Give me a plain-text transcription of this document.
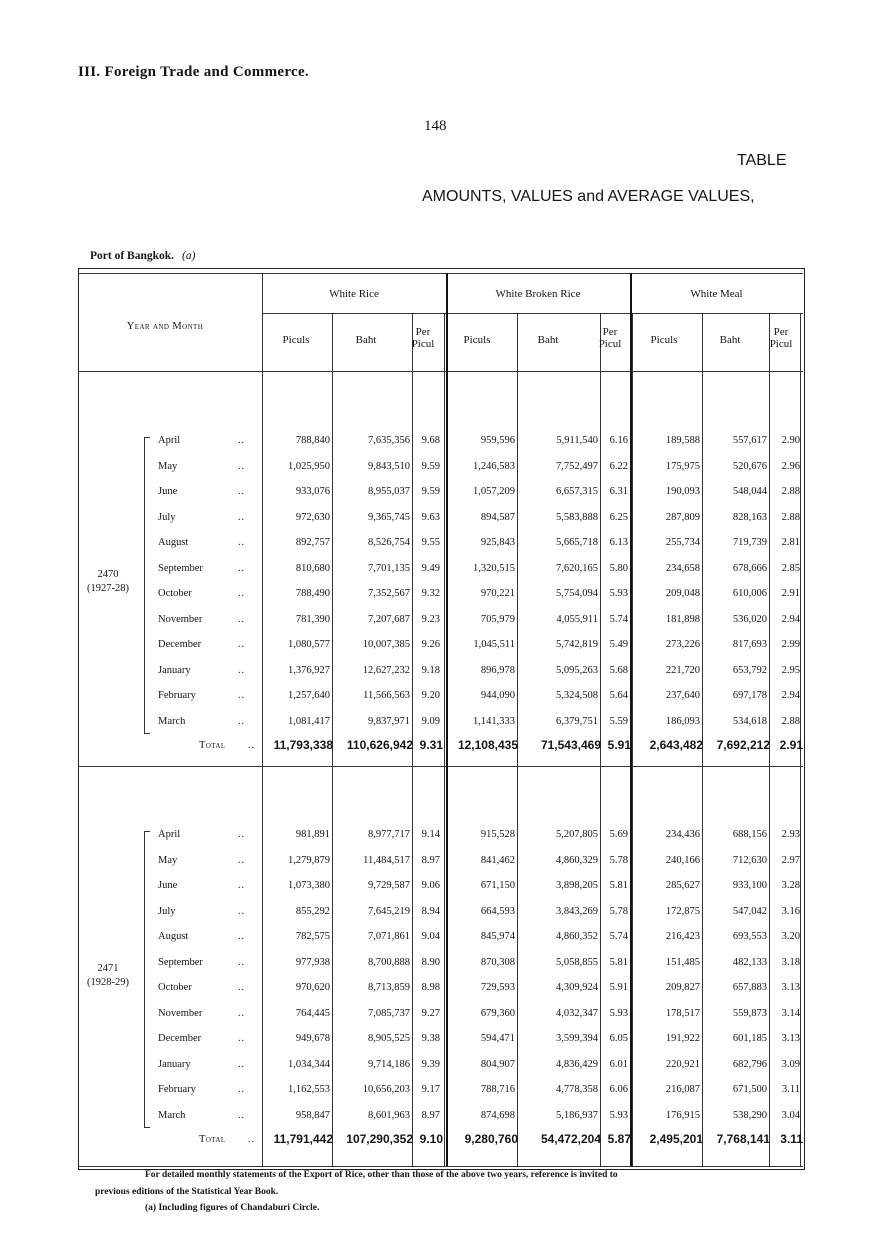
III. Foreign Trade and Commerce.
148
TABLE
AMOUNTS, VALUES and AVERAGE VALUES,
Port of Bangkok. (a)
Year and Month
White Rice	White Broken Rice	White Meal
Piculs	Baht
Per Picul	Piculs	Baht
Per Picul	Piculs	Baht
Per Picul
2470
(1927-28)
April	..	788,840	7,635,356	9.68	959,596	5,911,540	6.16	189,588	557,617	2.90
May	..	1,025,950	9,843,510	9.59	1,246,583	7,752,497	6.22	175,975	520,676	2.96
June	..	933,076	8,955,037	9.59	1,057,209	6,657,315	6.31	190,093	548,044	2.88
July	..	972,630	9,365,745	9.63	894,587	5,583,888	6.25	287,809	828,163	2.88
August	..	892,757	8,526,754	9.55	925,843	5,665,718	6.13	255,734	719,739	2.81
September	..	810,680	7,701,135	9.49	1,320,515	7,620,165	5.80	234,658	678,666	2.85
October	..	788,490	7,352,567	9.32	970,221	5,754,094	5.93	209,048	610,006	2.91
November	..	781,390	7,207,687	9.23	705,979	4,055,911	5.74	181,898	536,020	2.94
December	..	1,080,577	10,007,385	9.26	1,045,511	5,742,819	5.49	273,226	817,693	2.99
January	..	1,376,927	12,627,232	9.18	896,978	5,095,263	5.68	221,720	653,792	2.95
February	..	1,257,640	11,566,563	9.20	944,090	5,324,508	5.64	237,640	697,178	2.94
March	..	1,081,417	9,837,971	9.09	1,141,333	6,379,751	5.59	186,093	534,618	2.88
Total ..	11,793,338	110,626,942 9.31	12,108,435	71,543,469 5.91	2,643,482	7,692,212 2.91
2471
(1928-29)
April	..	981,891	8,977,717	9.14	915,528	5,207,805	5.69	234,436	688,156	2.93
May	..	1,279,879	11,484,517	8.97	841,462	4,860,329	5.78	240,166	712,630	2.97
June	..	1,073,380	9,729,587	9.06	671,150	3,898,205	5.81	285,627	933,100	3.28
July	..	855,292	7,645,219	8.94	664,593	3,843,269	5.78	172,875	547,042	3.16
August	..	782,575	7,071,861	9.04	845,974	4,860,352	5.74	216,423	693,553	3.20
September	..	977,938	8,700,888	8.90	870,308	5,058,855	5.81	151,485	482,133	3.18
October	..	970,620	8,713,859	8.98	729,593	4,309,924	5.91	209,827	657,883	3.13
November	..	764,445	7,085,737	9.27	679,360	4,032,347	5.93	178,517	559,873	3.14
December	..	949,678	8,905,525	9.38	594,471	3,599,394	6.05	191,922	601,185	3.13
January	..	1,034,344	9,714,186	9.39	804,907	4,836,429	6.01	220,921	682,796	3.09
February	..	1,162,553	10,656,203	9.17	788,716	4,778,358	6.06	216,087	671,500	3.11
March	..	958,847	8,601,963	8.97	874,698	5,186,937	5.93	176,915	538,290	3.04
Total ..	11,791,442	107,290,352 9.10	9,280,760	54,472,204 5.87	2,495,201	7,768,141 3.11
For detailed monthly statements of the Export of Rice, other than those of the above two years, reference is invited to
previous editions of the Statistical Year Book.
(a) Including figures of Chandaburi Circle.
